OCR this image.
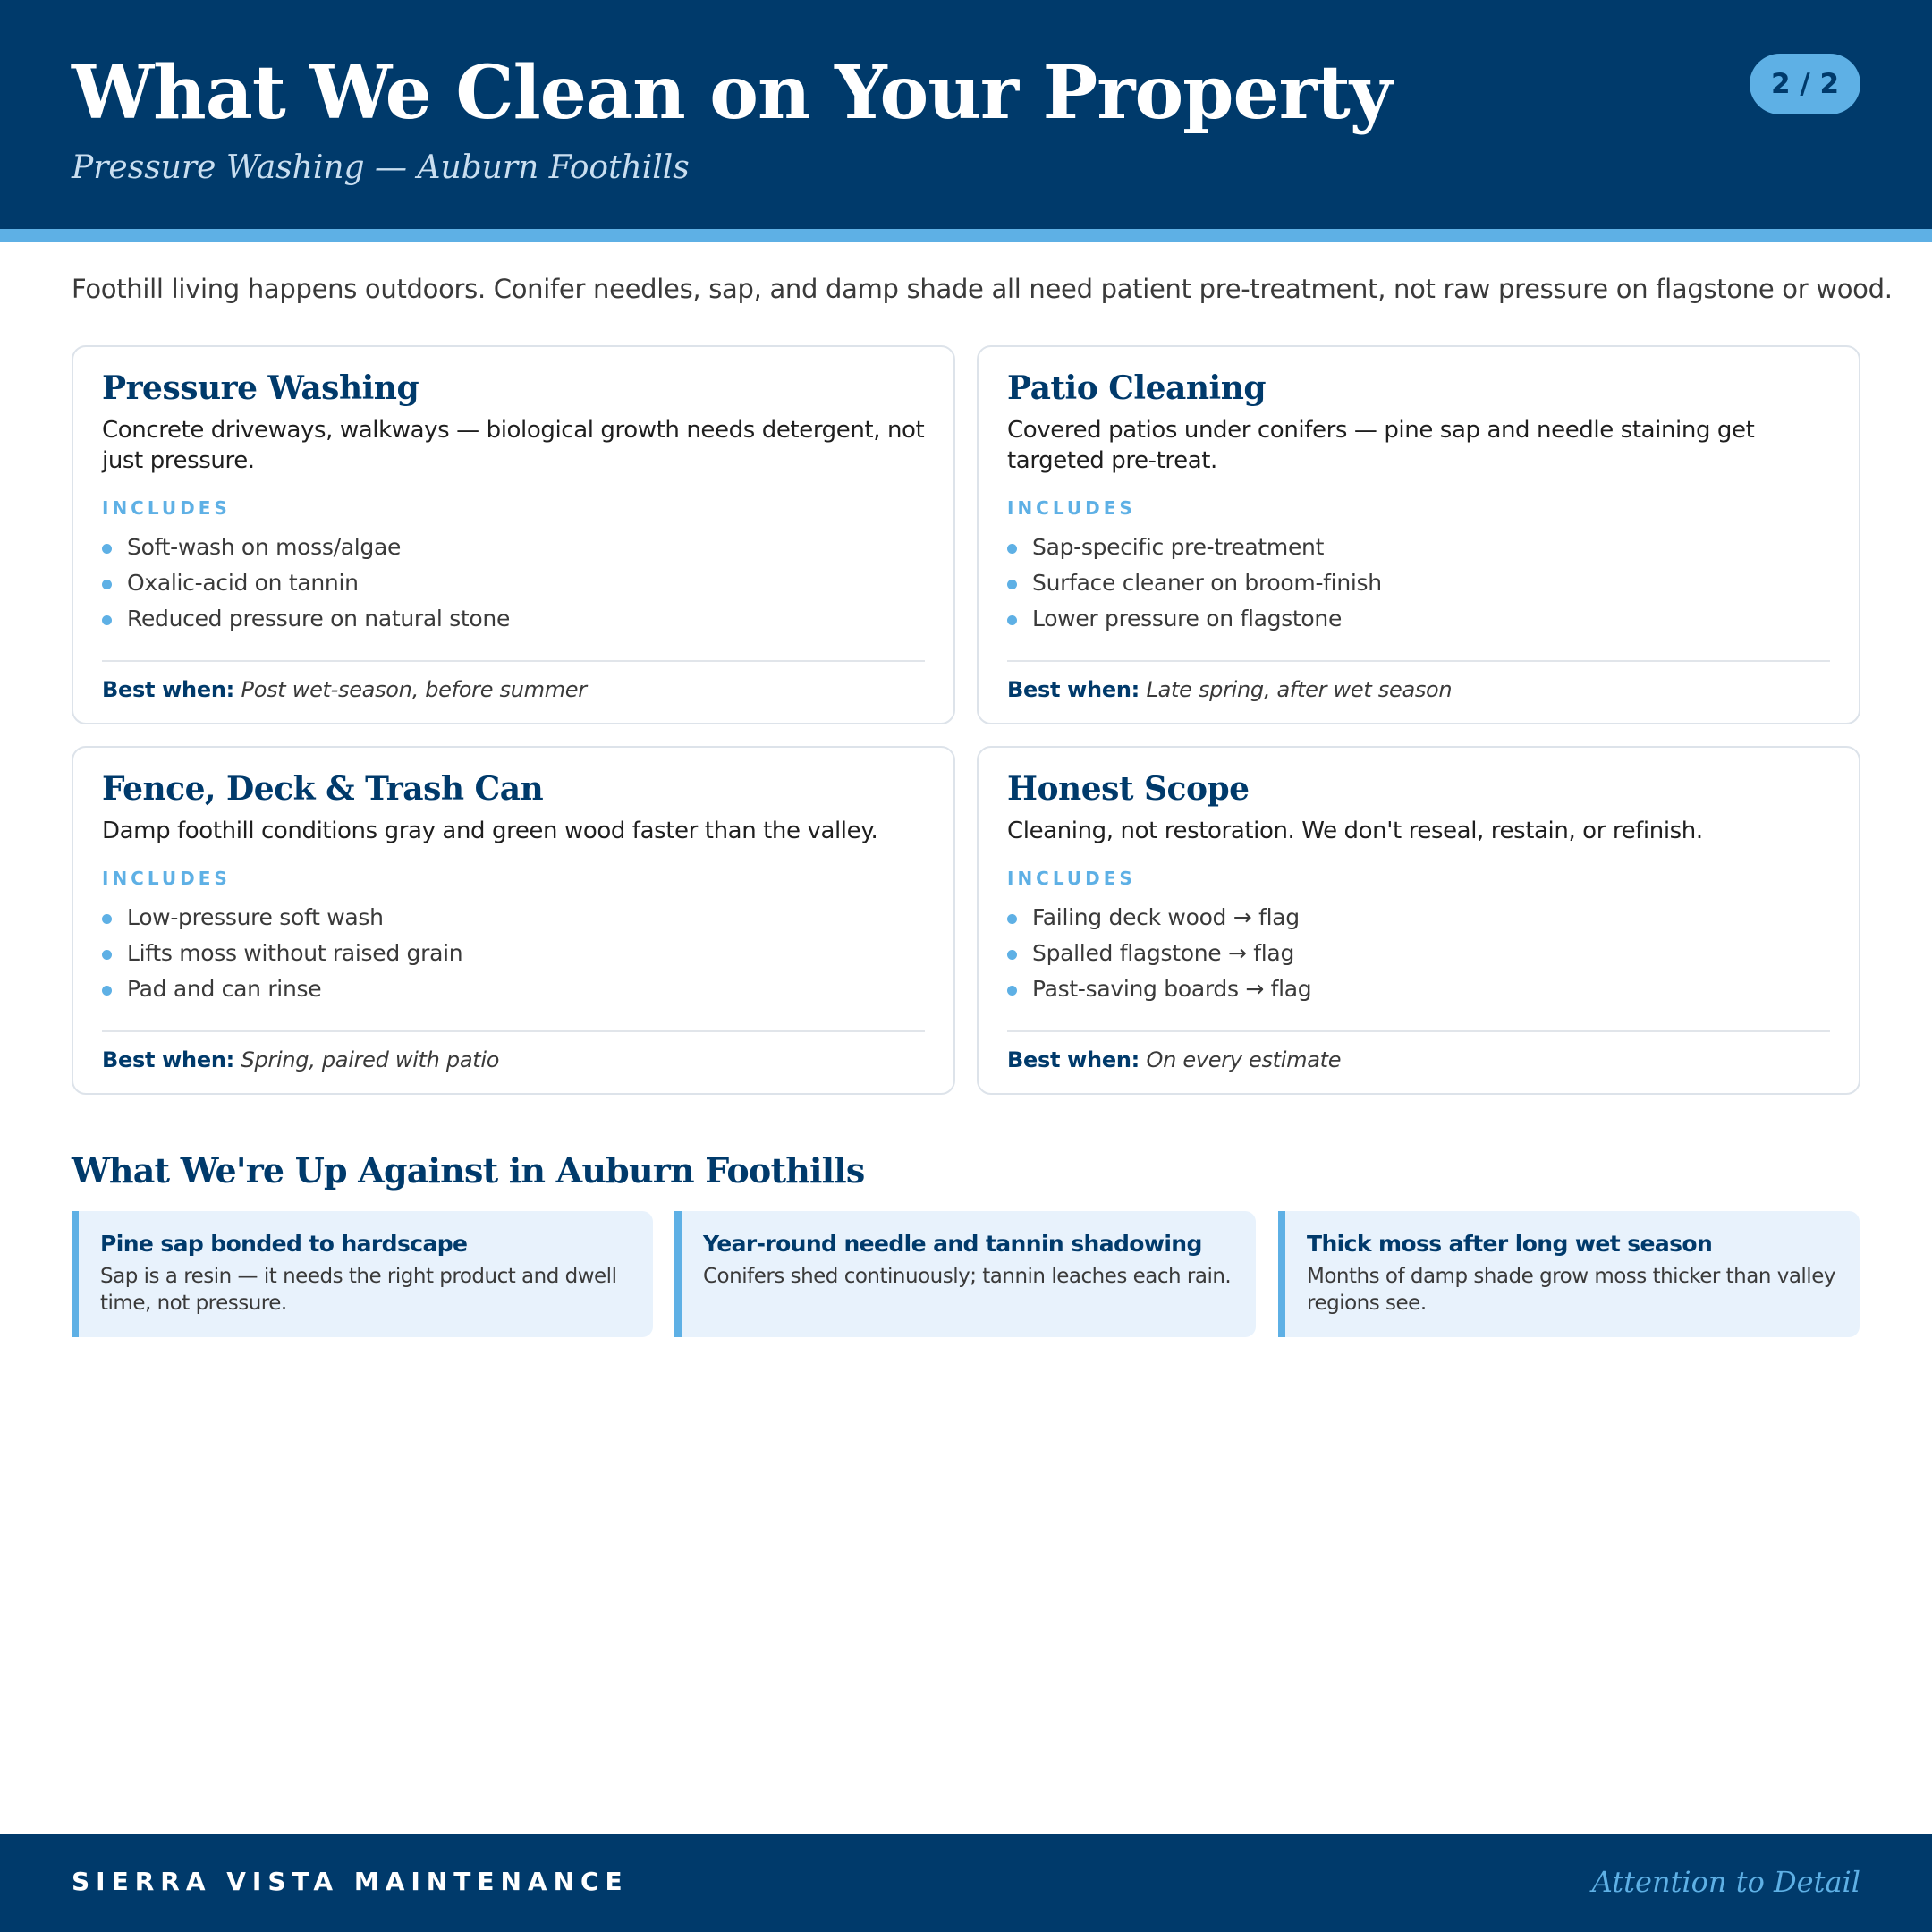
What We Clean on Your Property
Pressure Washing — Auburn Foothills
2 / 2

Foothill living happens outdoors. Conifer needles, sap, and damp shade all need patient pre-treatment, not raw pressure on flagstone or wood.

Pressure Washing

Concrete driveways, walkways — biological growth needs detergent, not just pressure.

INCLUDES
Soft-wash on moss/algae
Oxalic-acid on tannin
Reduced pressure on natural stone
Best when: Post wet-season, before summer
Patio Cleaning

Covered patios under conifers — pine sap and needle staining get targeted pre-treat.

INCLUDES
Sap-specific pre-treatment
Surface cleaner on broom-finish
Lower pressure on flagstone
Best when: Late spring, after wet season
Fence, Deck & Trash Can

Damp foothill conditions gray and green wood faster than the valley.

INCLUDES
Low-pressure soft wash
Lifts moss without raised grain
Pad and can rinse
Best when: Spring, paired with patio
Honest Scope

Cleaning, not restoration. We don't reseal, restain, or refinish.

INCLUDES
Failing deck wood → flag
Spalled flagstone → flag
Past-saving boards → flag
Best when: On every estimate
What We're Up Against in Auburn Foothills
Pine sap bonded to hardscape
Sap is a resin — it needs the right product and dwell time, not pressure.
Year-round needle and tannin shadowing
Conifers shed continuously; tannin leaches each rain.
Thick moss after long wet season
Months of damp shade grow moss thicker than valley regions see.
SIERRA VISTA MAINTENANCE	Attention to Detail
